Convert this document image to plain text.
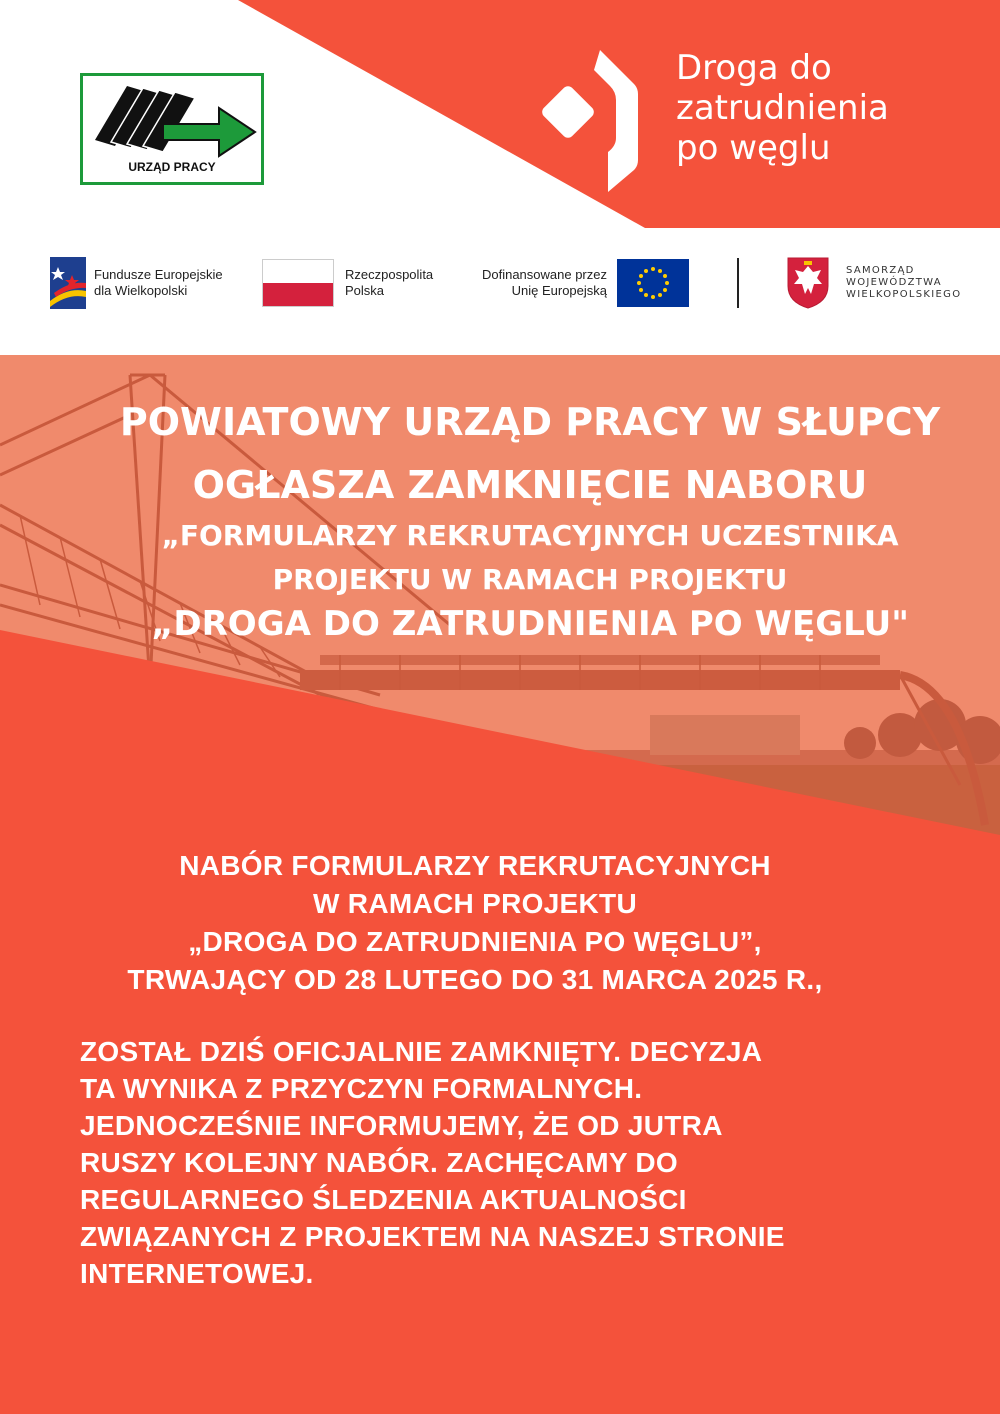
URZĄD PRACY
Droga do
zatrudnienia
po węglu
Fundusze Europejskie
dla Wielkopolski
Rzeczpospolita
Polska
Dofinansowane przez
Unię Europejską
SAMORZĄD
WOJEWÓDZTWA
WIELKOPOLSKIEGO
POWIATOWY URZĄD PRACY W SŁUPCY
OGŁASZA ZAMKNIĘCIE NABORU
„FORMULARZY REKRUTACYJNYCH UCZESTNIKA
PROJEKTU W RAMACH PROJEKTU
„DROGA DO ZATRUDNIENIA PO WĘGLU"
NABÓR FORMULARZY REKRUTACYJNYCH
W RAMACH PROJEKTU
„DROGA DO ZATRUDNIENIA PO WĘGLU”,
TRWAJĄCY OD 28 LUTEGO DO 31 MARCA 2025 R.,
ZOSTAŁ DZIŚ OFICJALNIE ZAMKNIĘTY. DECYZJA
TA WYNIKA Z PRZYCZYN FORMALNYCH.
JEDNOCZEŚNIE INFORMUJEMY, ŻE OD JUTRA
RUSZY KOLEJNY NABÓR. ZACHĘCAMY DO
REGULARNEGO ŚLEDZENIA AKTUALNOŚCI
ZWIĄZANYCH Z PROJEKTEM NA NASZEJ STRONIE
INTERNETOWEJ.
